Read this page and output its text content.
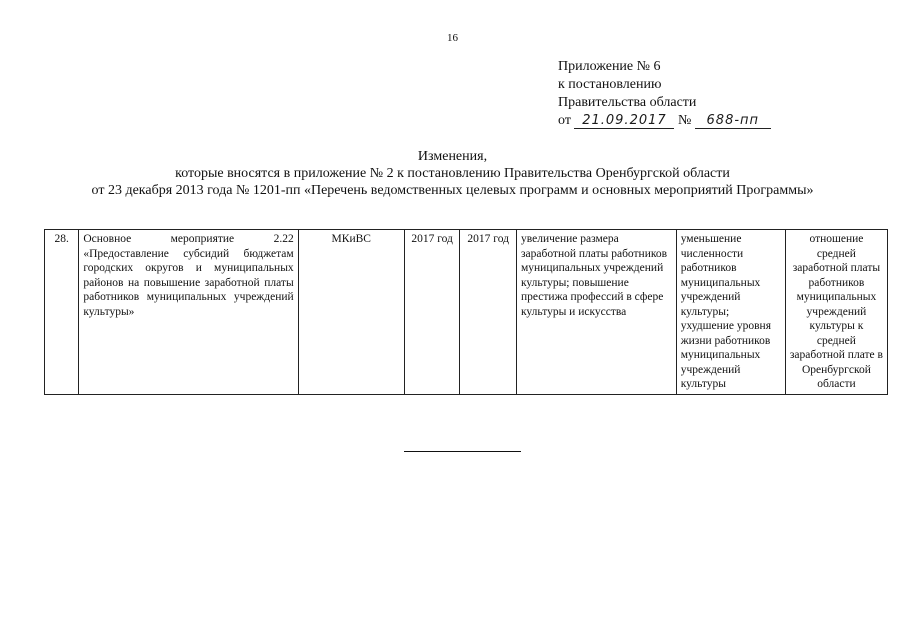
16
Приложение № 6
к постановлению
Правительства области
от 21.09.2017 № 688-пп
Изменения,
которые вносятся в приложение № 2 к постановлению Правительства Оренбургской области
от 23 декабря 2013 года № 1201-пп «Перечень ведомственных целевых программ и основных мероприятий Программы»
28.	Основное мероприятие 2.22 «Предоставление субсидий бюджетам городских округов и муниципальных районов на повышение заработной платы работников муниципальных учреждений культуры»	МКиВС	2017 год	2017 год	увеличение размера заработной платы работников муниципальных учреждений культуры; повышение престижа профессий в сфере культуры и искусства	уменьшение численности работников муниципальных учреждений культуры; ухудшение уровня жизни работников муниципальных учреждений культуры	отношение средней заработной платы работников муниципальных учреждений культуры к средней заработной плате в Оренбургской области
